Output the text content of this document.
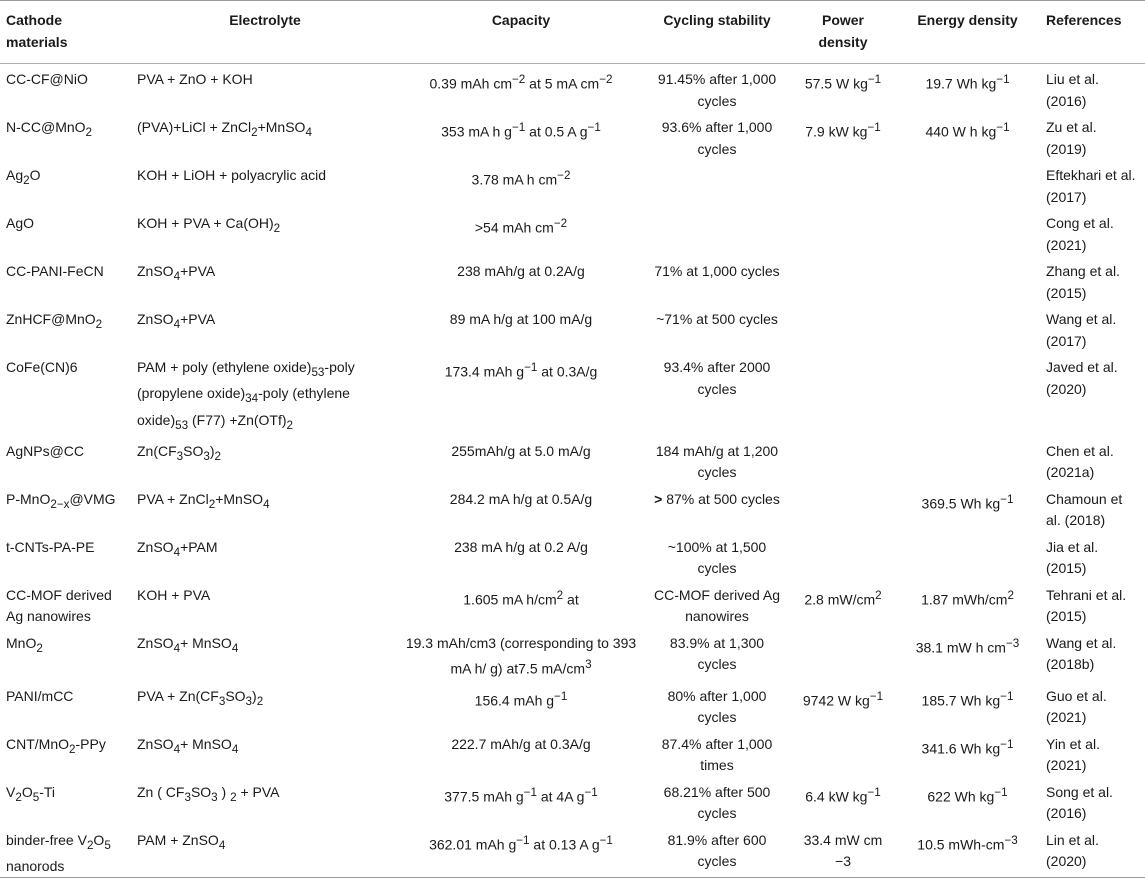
Cathode materials	Electrolyte	Capacity	Cycling stability	Power density	Energy density	References
CC-CF@NiO	PVA + ZnO + KOH	0.39 mAh $cm^{-2}$ at 5 mA $cm^{-2}$	91.45% after 1,000 cycles	57.5 W $kg^{-1}$	19.7 Wh $kg^{-1}$	Liu et al. (2016)
N-CC@MnO$_2$	(PVA)+LiCl + ZnCl$_2$+MnSO$_4$	353 mA h $g^{-1}$ at 0.5 A $g^{-1}$	93.6% after 1,000 cycles	7.9 kW $kg^{-1}$	440 W h $kg^{-1}$	Zu et al. (2019)
$Ag_2O$	KOH + LiOH + polyacrylic acid	3.78 mA h $cm^{-2}$				Eftekhari et al. (2017)
AgO	KOH + PVA + $Ca(OH)_2$	>54 mAh $cm^{-2}$				Cong et al. (2021)
CC-PANI-FeCN	ZnSO$_4$+PVA	238 mAh/g at 0.2A/g	71% at 1,000 cycles			Zhang et al. (2015)
ZnHCF@MnO$_2$	ZnSO$_4$+PVA	89 mA h/g at 100 mA/g	~71% at 500 cycles			Wang et al. (2017)
CoFe(CN)6	PAM + poly (ethylene $oxide)_{53}$-poly (propylene $oxide)_{34}$-poly (ethylene $oxide)_{53}$ $(F77) +Zn(OTf)_2$	173.4 mAh $g^{-1}$ at 0.3A/g	93.4% after 2000 cycles			Javed et al. (2020)
AgNPs@CC	$Zn(CF_3SO_3)_2$	255mAh/g at 5.0 mA/g	184 mAh/g at 1,200 cycles			Chen et al. (2021a)
P-MnO$_{2-x}$@VMG	PVA + ZnCl$_2$+MnSO$_4$	284.2 mA h/g at 0.5A/g	> 87% at 500 cycles		369.5 Wh $kg^{-1}$	Chamoun et al. (2018)
t-CNTs-PA-PE	ZnSO$_4$+PAM	238 mA h/g at 0.2 A/g	~100% at 1,500 cycles			Jia et al. (2015)
CC-MOF derived Ag nanowires	KOH + PVA	1.605 mA $h/cm^2$ at	CC-MOF derived Ag nanowires	2.8 $mW/cm^2$	1.87 mWh/$cm^2$	Tehrani et al. (2015)
MnO$_2$	ZnSO$_4$+ MnSO$_4$	19.3 mAh/cm3 (corresponding to 393 mA h/ g) at7.5 $mA/cm^3$	83.9% at 1,300 cycles		38.1 mW h $cm^{-3}$	Wang et al. (2018b)
PANI/mCC	PVA + $Zn(CF_3SO_3)_2$	156.4 mAh $g^{-1}$	80% after 1,000 cycles	9742 W $kg^{-1}$	185.7 Wh $kg^{-1}$	Guo et al. (2021)
CNT/MnO$_2$-PPy	ZnSO$_4$+ MnSO$_4$	222.7 mAh/g at 0.3A/g	87.4% after 1,000 times		341.6 Wh $kg^{-1}$	Yin et al. (2021)
$V_2O_5-Ti$	Zn ( $CF_3SO_3$ ) $_2$ + PVA	377.5 mAh $g^{-1}$ at 4A $g^{-1}$	68.21% after 500 cycles	6.4 kW $kg^{-1}$	622 Wh $kg^{-1}$	Song et al. (2016)
binder-free $V_2O_5$ nanorods	PAM + ZnSO$_4$	362.01 mAh $g^{-1}$ at 0.13 A $g^{-1}$	81.9% after 600 cycles	33.4 mW cm −3	10.5 mWh-$cm^{-3}$	Lin et al. (2020)
